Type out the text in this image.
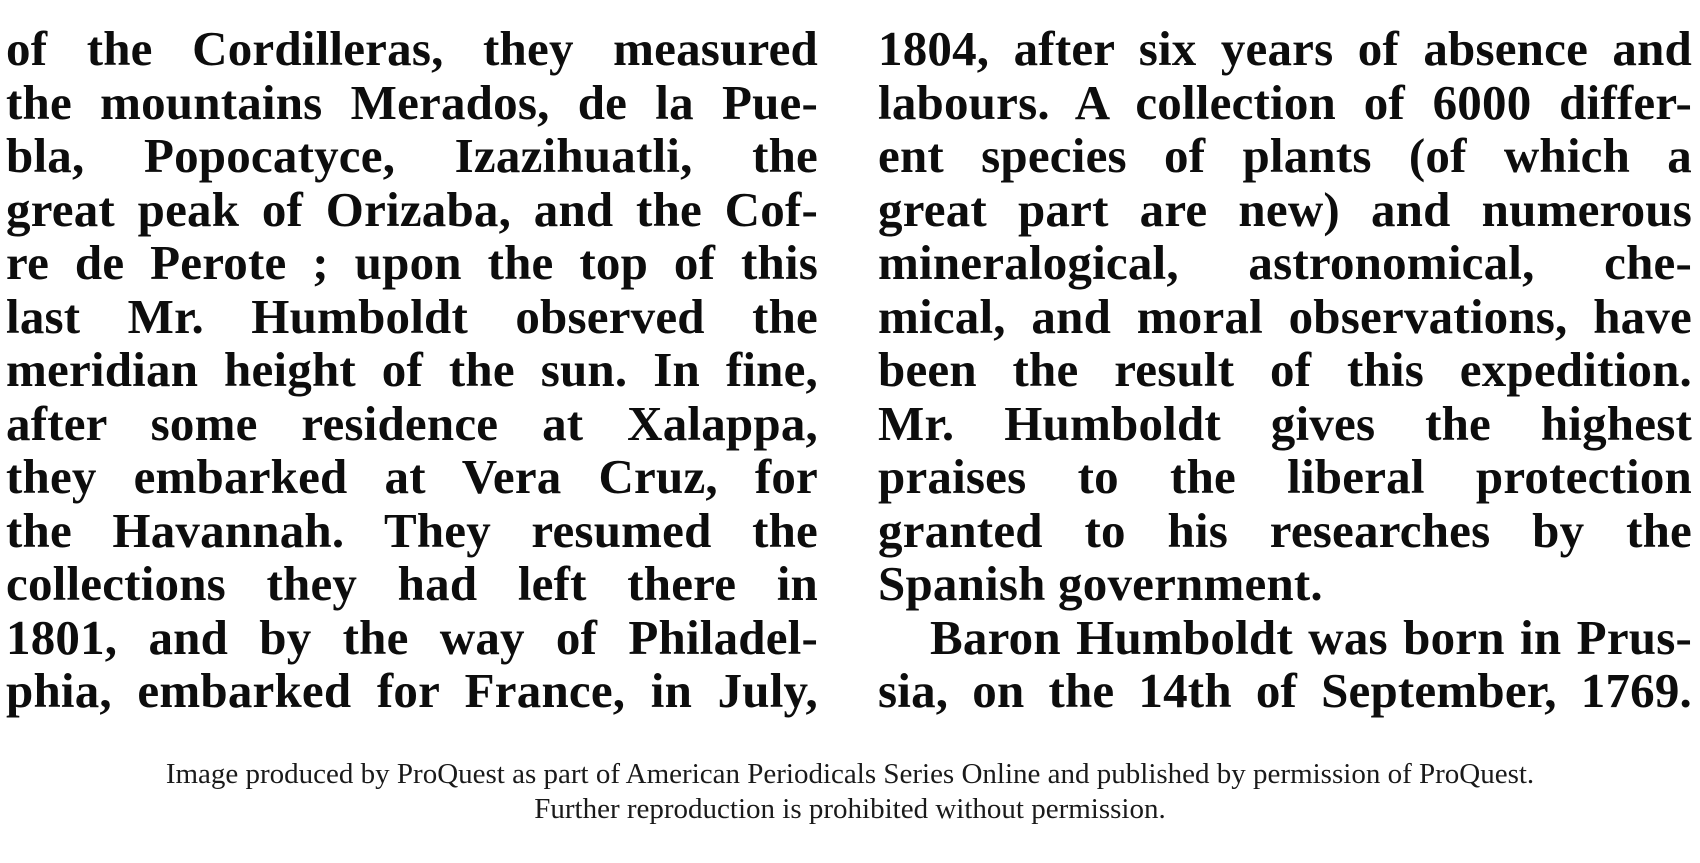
of the Cordilleras, they measured
the mountains Merados, de la Pue-
bla, Popocatyce, Izazihuatli, the
great peak of Orizaba, and the Cof-
re de Perote ; upon the top of this
last Mr. Humboldt observed the
meridian height of the sun. In fine,
after some residence at Xalappa,
they embarked at Vera Cruz, for
the Havannah. They resumed the
collections they had left there in
1801, and by the way of Philadel-
phia, embarked for France, in July,
1804, after six years of absence and
labours. A collection of 6000 differ-
ent species of plants (of which a
great part are new) and numerous
mineralogical, astronomical, che-
mical, and moral observations, have
been the result of this expedition.
Mr. Humboldt gives the highest
praises to the liberal protection
granted to his researches by the
Spanish government.
Baron Humboldt was born in Prus-
sia, on the 14th of September, 1769.
Image produced by ProQuest as part of American Periodicals Series Online and published by permission of ProQuest.
Further reproduction is prohibited without permission.
